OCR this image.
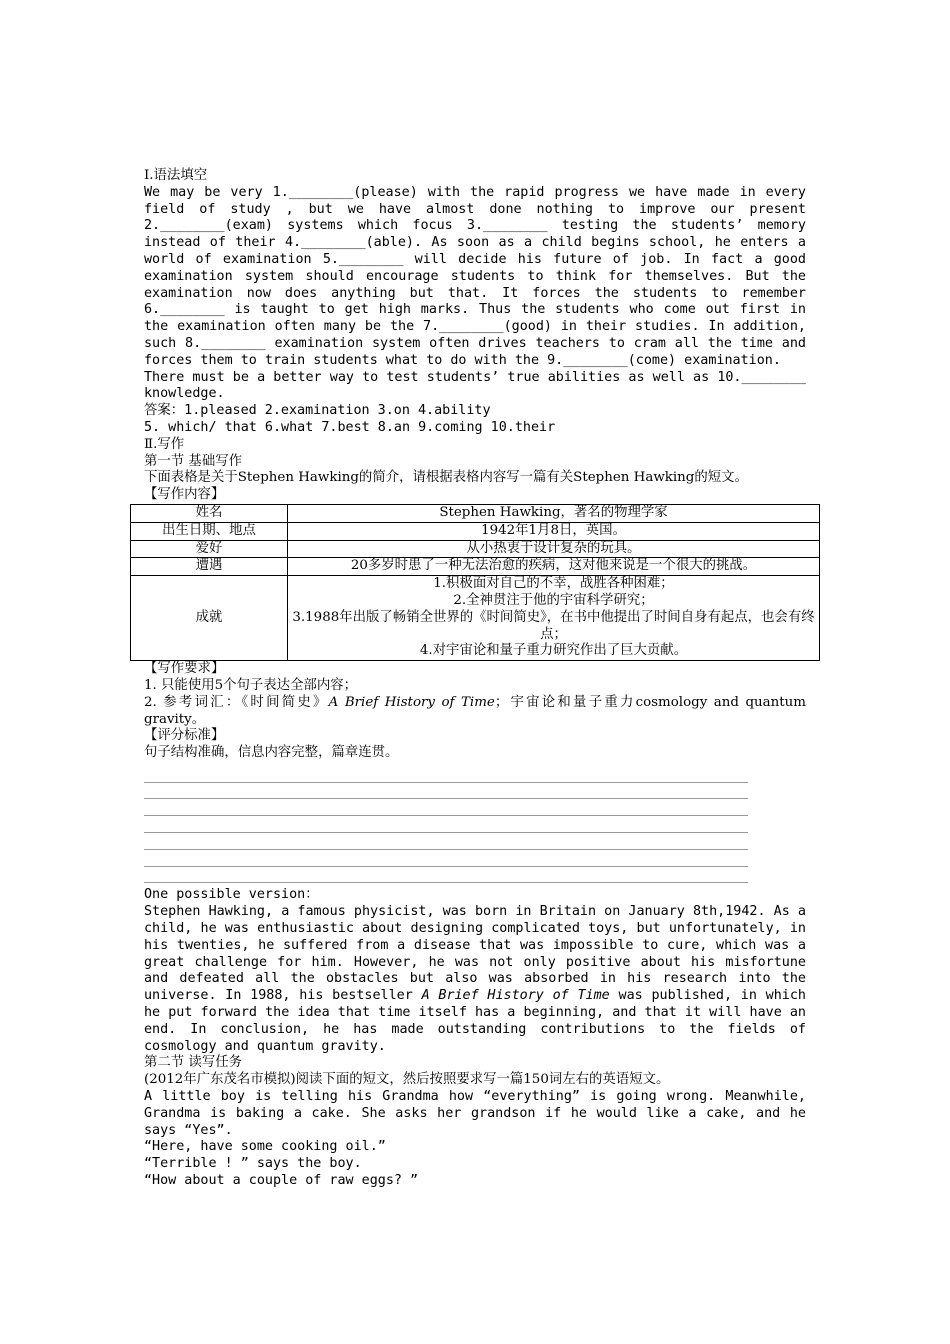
Ⅰ.语法填空

We may be very 1.________(please) with the rapid progress we have made in every field of study , but we have almost done nothing to improve our present 2.________(exam) systems which focus 3.________ testing the students’ memory instead of their 4.________(able). As soon as a child begins school, he enters a world of examination 5.________ will decide his future of job. In fact a good examination system should encourage students to think for themselves. But the examination now does anything but that. It forces the students to remember 6.________ is taught to get high marks. Thus the students who come out first in the examination often many be the 7.________(good) in their studies. In addition, such 8.________ examination system often drives teachers to cram all the time and forces them to train students what to do with the 9.________(come) examination.

There must be a better way to test students’ true abilities as well as 10.________ knowledge.

答案：1.pleased 2.examination 3.on 4.ability
5. which/ that 6.what 7.best 8.an 9.coming 10.their
Ⅱ.写作
第一节 基础写作

下面表格是关于Stephen Hawking的简介，请根据表格内容写一篇有关Stephen Hawking的短文。

【写作内容】
姓名	Stephen Hawking，著名的物理学家
出生日期、地点	1942年1月8日，英国。
爱好	从小热衷于设计复杂的玩具。
遭遇	20多岁时患了一种无法治愈的疾病，这对他来说是一个很大的挑战。
成就	1.积极面对自己的不幸，战胜各种困难；
2.全神贯注于他的宇宙科学研究；
3.1988年出版了畅销全世界的《时间简史》，在书中他提出了时间自身有起点，也会有终点；
4.对宇宙论和量子重力研究作出了巨大贡献。
【写作要求】
1. 只能使用5个句子表达全部内容；

2. 参考词汇：《时间简史》A Brief History of Time；宇宙论和量子重力cosmology and quantum gravity。

【评分标准】
句子结构准确，信息内容完整，篇章连贯。
One possible version：

Stephen Hawking, a famous physicist, was born in Britain on January 8th,1942. As a child, he was enthusiastic about designing complicated toys, but unfortunately, in his twenties, he suffered from a disease that was impossible to cure, which was a great challenge for him. However, he was not only positive about his misfortune and defeated all the obstacles but also was absorbed in his research into the universe. In 1988, his bestseller A Brief History of Time was published, in which he put forward the idea that time itself has a beginning, and that it will have an end. In conclusion, he has made outstanding contributions to the fields of cosmology and quantum gravity.

第二节 读写任务
(2012年广东茂名市模拟)阅读下面的短文，然后按照要求写一篇150词左右的英语短文。

A little boy is telling his Grandma how “everything” is going wrong. Meanwhile, Grandma is baking a cake. She asks her grandson if he would like a cake, and he says “Yes”.

“Here, have some cooking oil.”
“Terrible ! ” says the boy.
“How about a couple of raw eggs? ”
